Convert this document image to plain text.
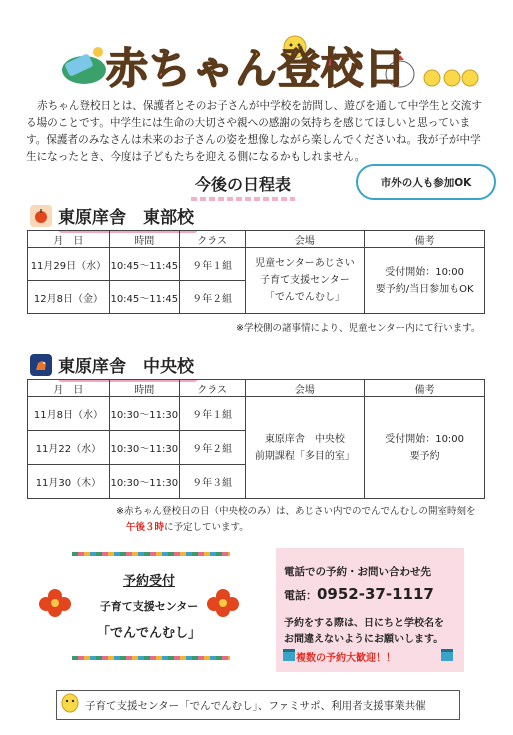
赤ちゃん登校日

赤ちゃん登校日とは、保護者とそのお子さんが中学校を訪問し、遊びを通して中学生と交流する場のことです。中学生には生命の大切さや親への感謝の気持ちを感じてほしいと思っています。保護者のみなさんは未来のお子さんの姿を想像しながら楽しんでくださいね。我が子が中学生になったとき、今度は子どもたちを迎える側になるかもしれません。

今後の日程表	市外の人も参加OK
東原庠舎　東部校
月　日	時間	クラス	会場	備考
11月29日（水）	10:45～11:45	９年１組	児童センターあじさい
子育て支援センター
「でんでんむし」	受付開始：10:00
要予約/当日参加もOK
12月8日（金）	10:45～11:45	９年２組		
※学校側の諸事情により、児童センター内にて行います。
東原庠舎　中央校
月　日	時間	クラス	会場	備考
11月8日（水）	10:30～11:30	９年１組	東原庠舎　中央校
前期課程「多目的室」	受付開始：10:00
要予約
11月22（水）	10:30～11:30	９年２組		
11月30（木）	10:30～11:30	９年３組		
※赤ちゃん登校日の日（中央校のみ）は、あじさい内でのでんでんむしの開室時刻を
午後３時に予定しています。
予約受付
子育て支援センター
「でんでんむし」
電話での予約・お問い合わせ先
電話：0952-37-1117
予約をする際は、日にちと学校名を
お間違えないようにお願いします。
複数の予約大歓迎！！
子育て支援センター「でんでんむし」、ファミサポ、利用者支援事業共催
